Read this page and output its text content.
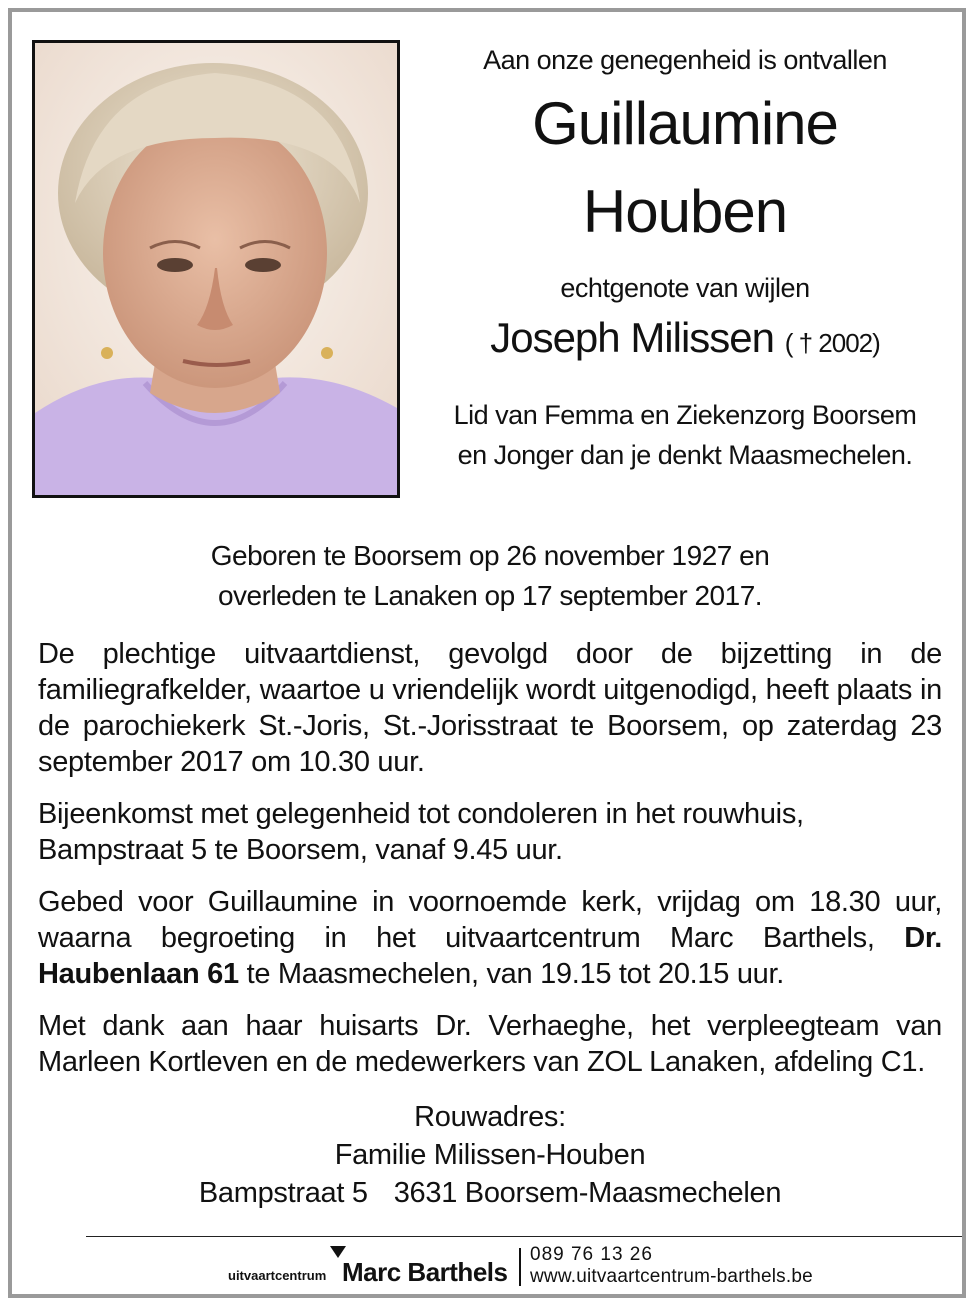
Aan onze genegenheid is ontvallen
Guillaumine
Houben
echtgenote van wijlen
Joseph Milissen ( † 2002)
Lid van Femma en Ziekenzorg Boorsem
en Jonger dan je denkt Maasmechelen.
Geboren te Boorsem op 26 november 1927 en
overleden te Lanaken op 17 september 2017.

De plechtige uitvaartdienst, gevolgd door de bijzetting in de familiegrafkelder, waartoe u vriendelijk wordt uitgenodigd, heeft plaats in de parochiekerk St.-Joris, St.-Jorisstraat te Boorsem, op zaterdag 23 september 2017 om 10.30 uur.

Bijeenkomst met gelegenheid tot condoleren in het rouwhuis, Bampstraat 5 te Boorsem, vanaf 9.45 uur.

Gebed voor Guillaumine in voornoemde kerk, vrijdag om 18.30 uur, waarna begroeting in het uitvaartcentrum Marc Barthels, Dr. Haubenlaan 61 te Maasmechelen, van 19.15 tot 20.15 uur.

Met dank aan haar huisarts Dr. Verhaeghe, het verpleegteam van Marleen Kortleven en de medewerkers van ZOL Lanaken, afdeling C1.

Rouwadres:
Familie Milissen-Houben
Bampstraat 5 3631 Boorsem-Maasmechelen
uitvaartcentrum Marc Barthels
089 76 13 26
www.uitvaartcentrum-barthels.be
